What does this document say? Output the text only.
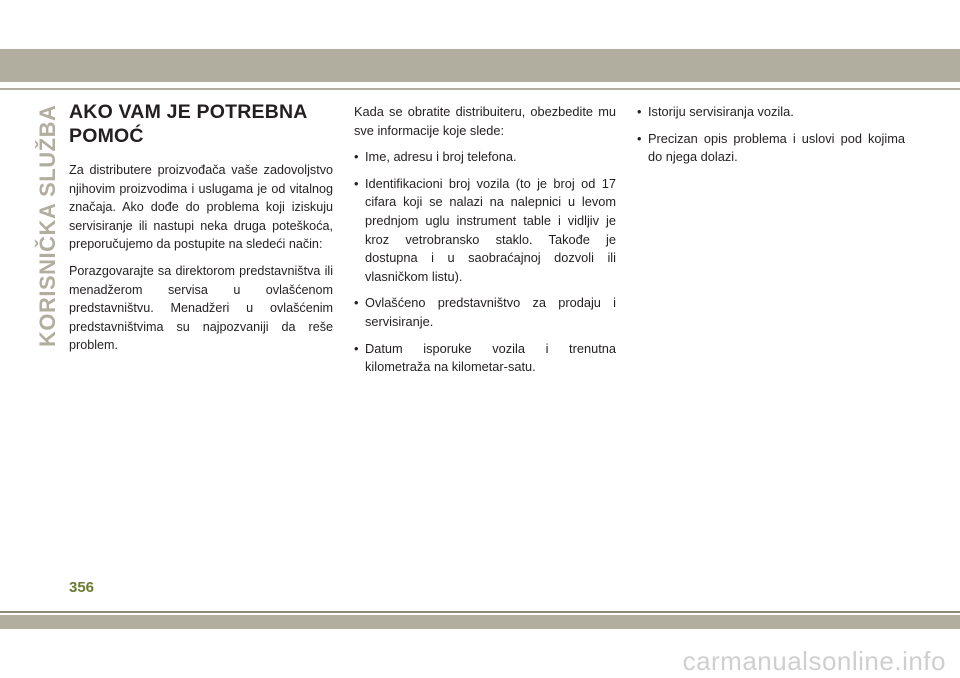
KORISNIČKA SLUŽBA AKO VAM JE POTREBNA
POMOĆ

Za distributere proizvođača vaše zadovoljstvo njihovim proizvodima i uslugama je od vitalnog značaja. Ako dođe do problema koji iziskuju servisiranje ili nastupi neka druga poteškoća, preporučujemo da postupite na sledeći način:

Porazgovarajte sa direktorom predstavništva ili menadžerom servisa u ovlašćenom predstavništvu. Menadžeri u ovlašćenim predstavništvima su najpozvaniji da reše problem.

Kada se obratite distribuiteru, obezbedite mu sve informacije koje slede:

• Ime, adresu i broj telefona.
• Identifikacioni broj vozila (to je broj od 17 cifara koji se nalazi na nalepnici u levom prednjom uglu instrument table i vidljiv je kroz vetrobransko staklo. Takođe je dostupna i u saobraćajnoj dozvoli ili vlasničkom listu).
• Ovlašćeno predstavništvo za prodaju i servisiranje.
• Datum isporuke vozila i trenutna kilometraža na kilometar-satu.
• Istoriju servisiranja vozila.
• Precizan opis problema i uslovi pod kojima do njega dolazi.
356
carmanualsonline.info
